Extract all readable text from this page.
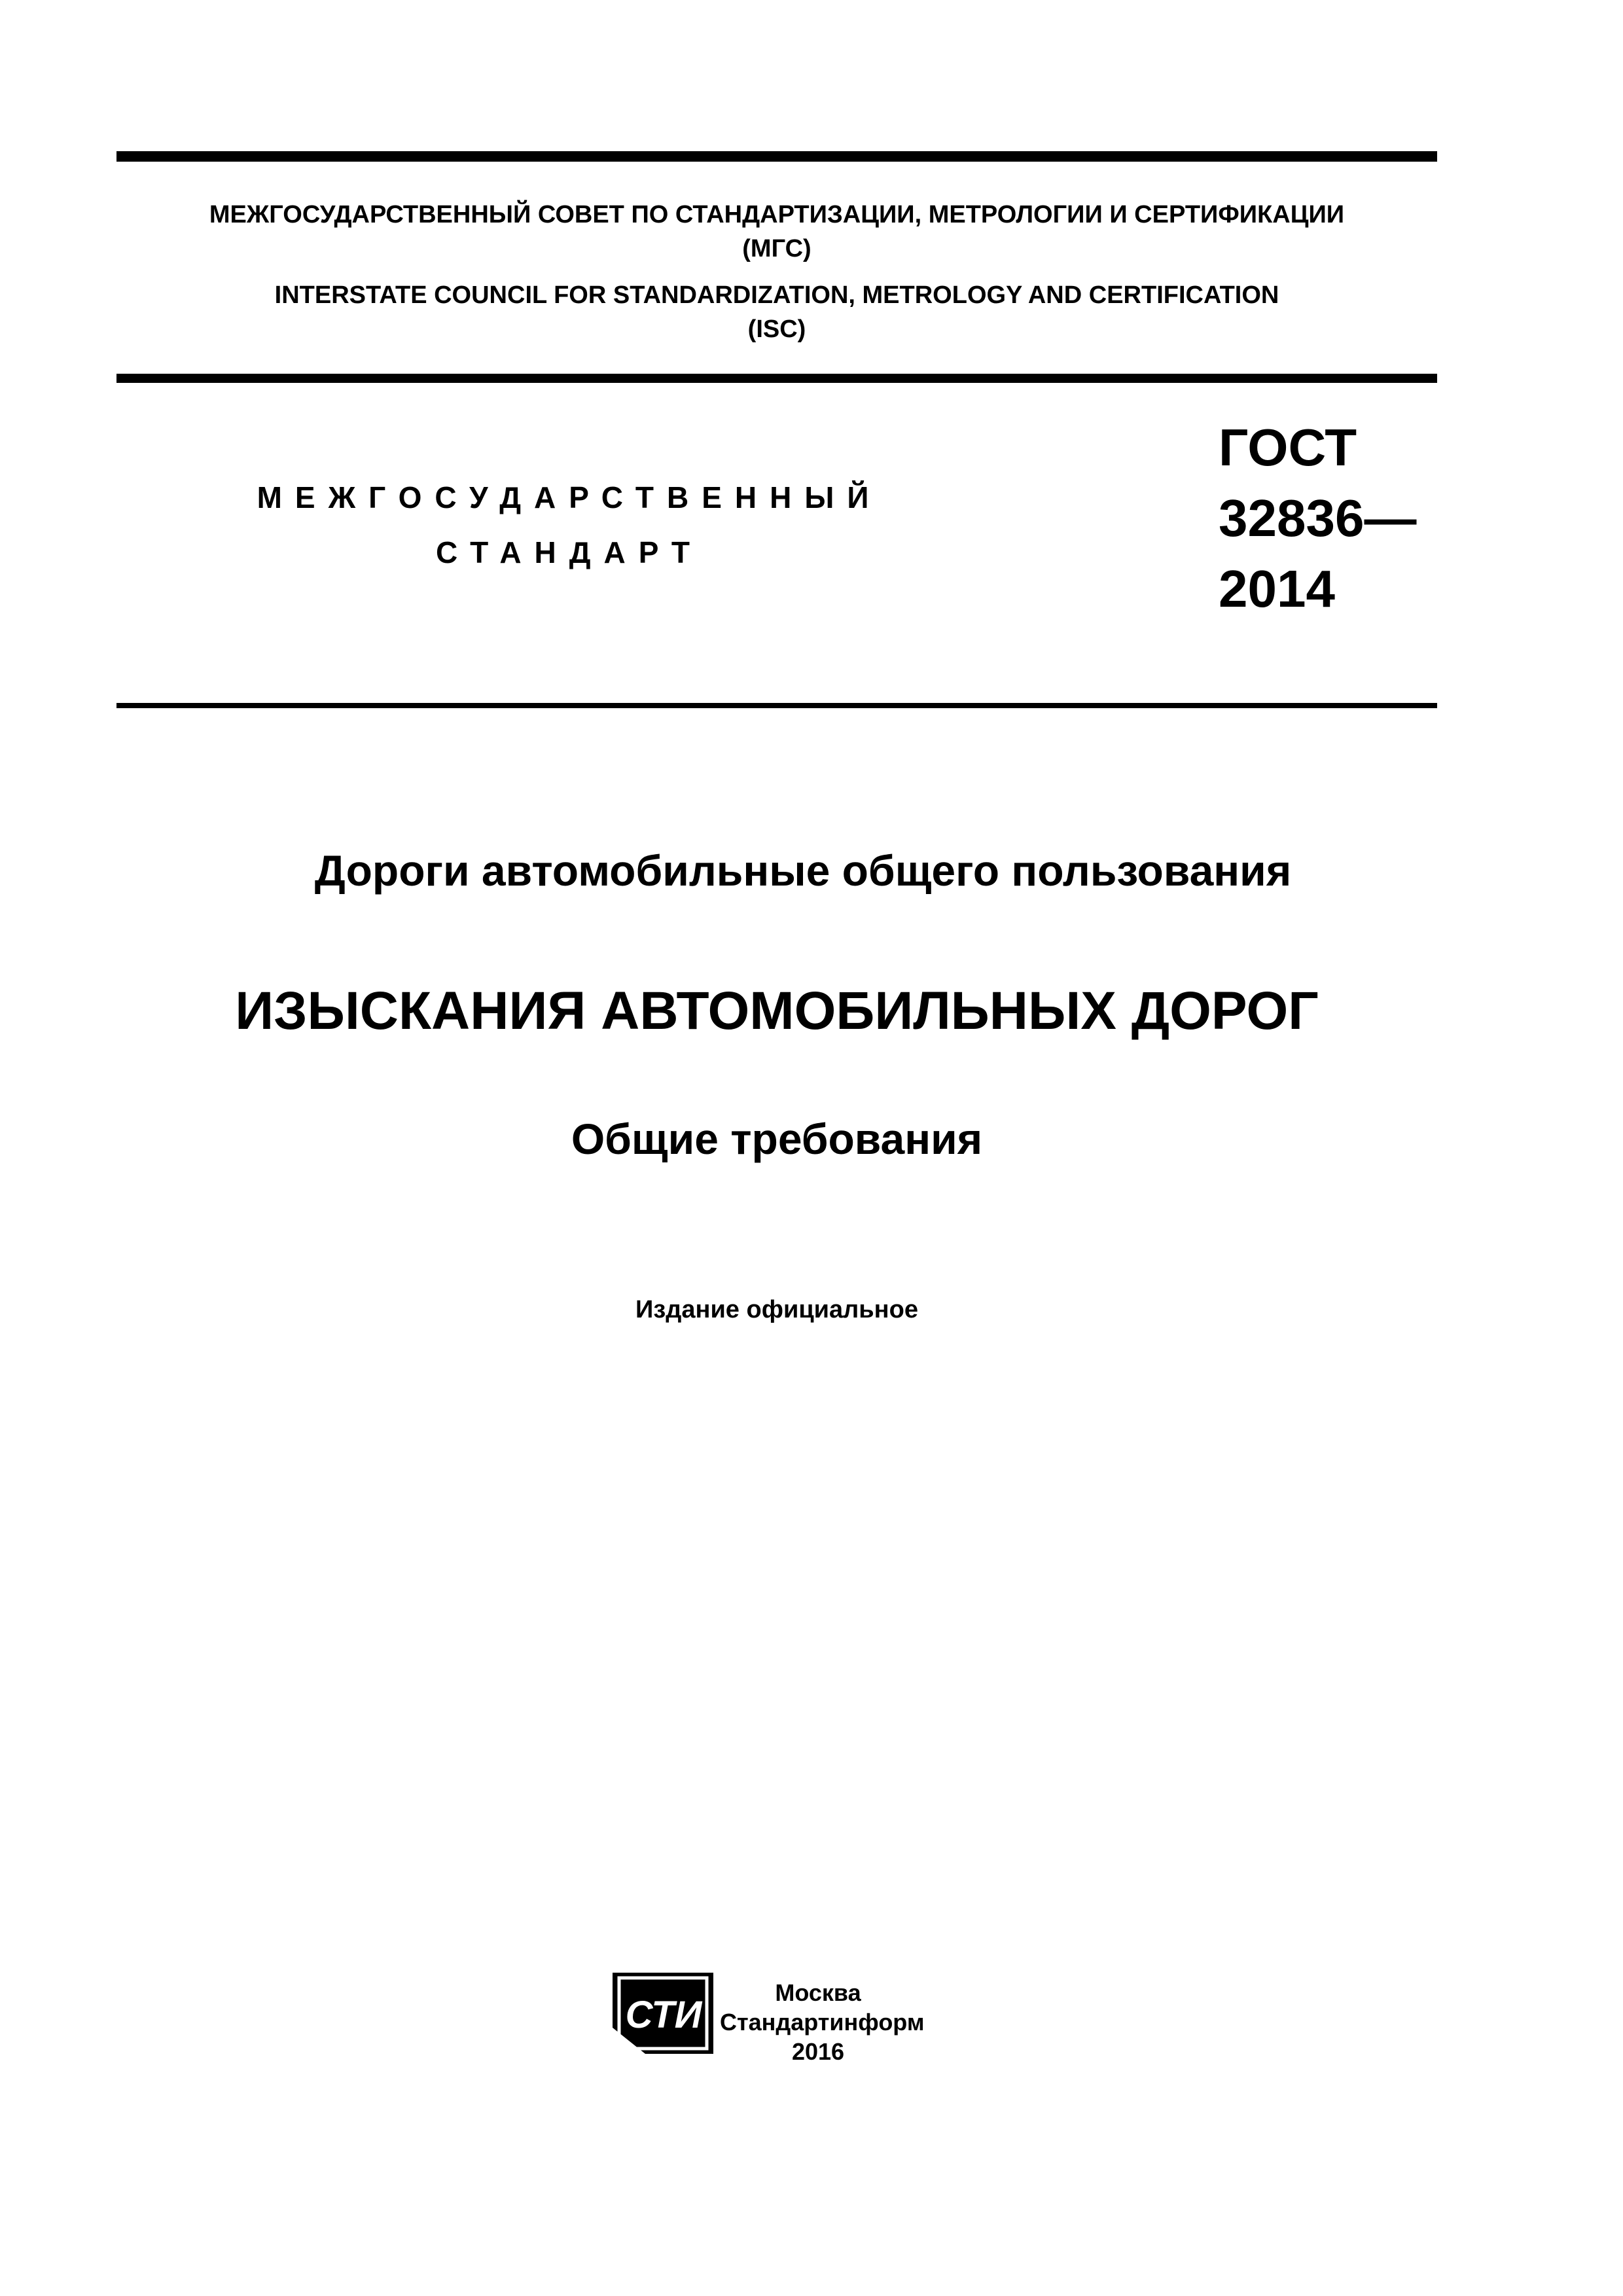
МЕЖГОСУДАРСТВЕННЫЙ СОВЕТ ПО СТАНДАРТИЗАЦИИ, МЕТРОЛОГИИ И СЕРТИФИКАЦИИ
(МГС)
INTERSTATE COUNCIL FOR STANDARDIZATION, METROLOGY AND CERTIFICATION
(ISC)
МЕЖГОСУДАРСТВЕННЫЙ
СТАНДАРТ
ГОСТ
32836—
2014
Дороги автомобильные общего пользования
ИЗЫСКАНИЯ АВТОМОБИЛЬНЫХ ДОРОГ
Общие требования
Издание официальное
СТИ
Москва
Стандартинформ
2016
